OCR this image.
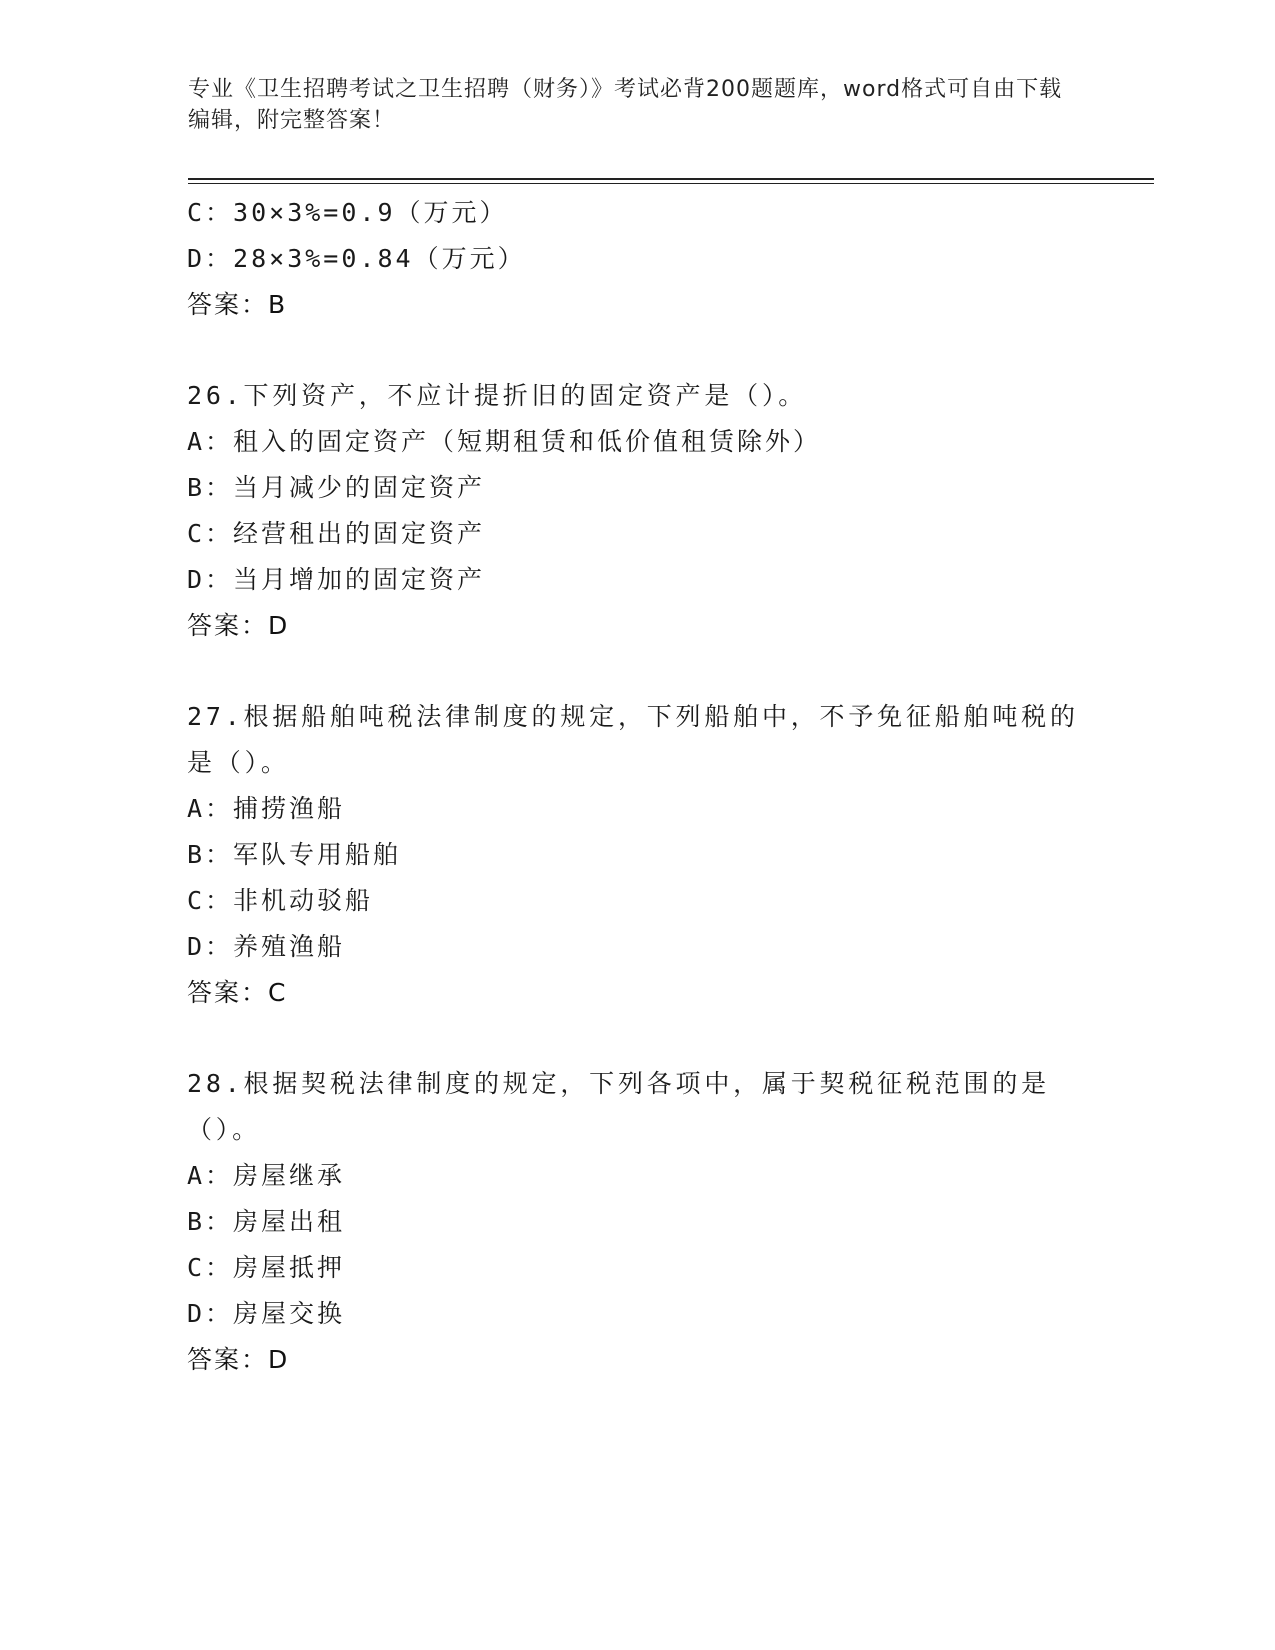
专业《卫生招聘考试之卫生招聘（财务）》考试必背200题题库，word格式可自由下载编辑，附完整答案！
C：30×3%=0.9（万元）
D：28×3%=0.84（万元）
答案：B
26.下列资产，不应计提折旧的固定资产是（）。
A：租入的固定资产（短期租赁和低价值租赁除外）
B：当月减少的固定资产
C：经营租出的固定资产
D：当月增加的固定资产
答案：D
27.根据船舶吨税法律制度的规定，下列船舶中，不予免征船舶吨税的是（）。
A：捕捞渔船
B：军队专用船舶
C：非机动驳船
D：养殖渔船
答案：C
28.根据契税法律制度的规定，下列各项中，属于契税征税范围的是（）。
A：房屋继承
B：房屋出租
C：房屋抵押
D：房屋交换
答案：D
